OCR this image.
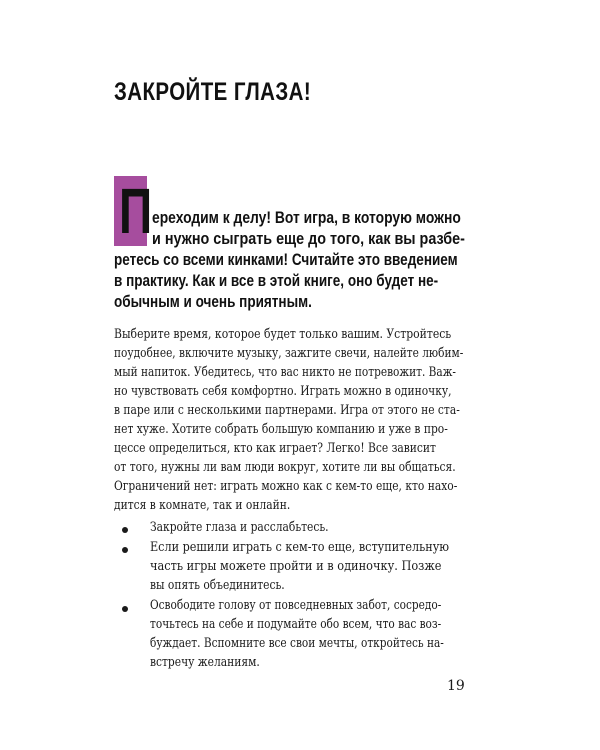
ЗАКРОЙТЕ ГЛАЗА!
П ереходим к делу! Вот игра, в которую можно
и нужно сыграть еще до того, как вы разбе-
ретесь со всеми кинками! Считайте это введением
в практику. Как и все в этой книге, оно будет не-
обычным и очень приятным.
Выберите время, которое будет только вашим. Устройтесь
поудобнее, включите музыку, зажгите свечи, налейте любим-
мый напиток. Убедитесь, что вас никто не потревожит. Важ-
но чувствовать себя комфортно. Играть можно в одиночку,
в паре или с несколькими партнерами. Игра от этого не ста-
нет хуже. Хотите собрать большую компанию и уже в про-
цессе определиться, кто как играет? Легко! Все зависит
от того, нужны ли вам люди вокруг, хотите ли вы общаться.
Ограничений нет: играть можно как с кем-то еще, кто нахо-
дится в комнате, так и онлайн.
Закройте глаза и расслабьтесь.
Если решили играть с кем-то еще, вступительную
часть игры можете пройти и в одиночку. Позже
вы опять объединитесь.
Освободите голову от повседневных забот, сосредо-
точьтесь на себе и подумайте обо всем, что вас воз-
буждает. Вспомните все свои мечты, откройтесь на-
встречу желаниям.
19
